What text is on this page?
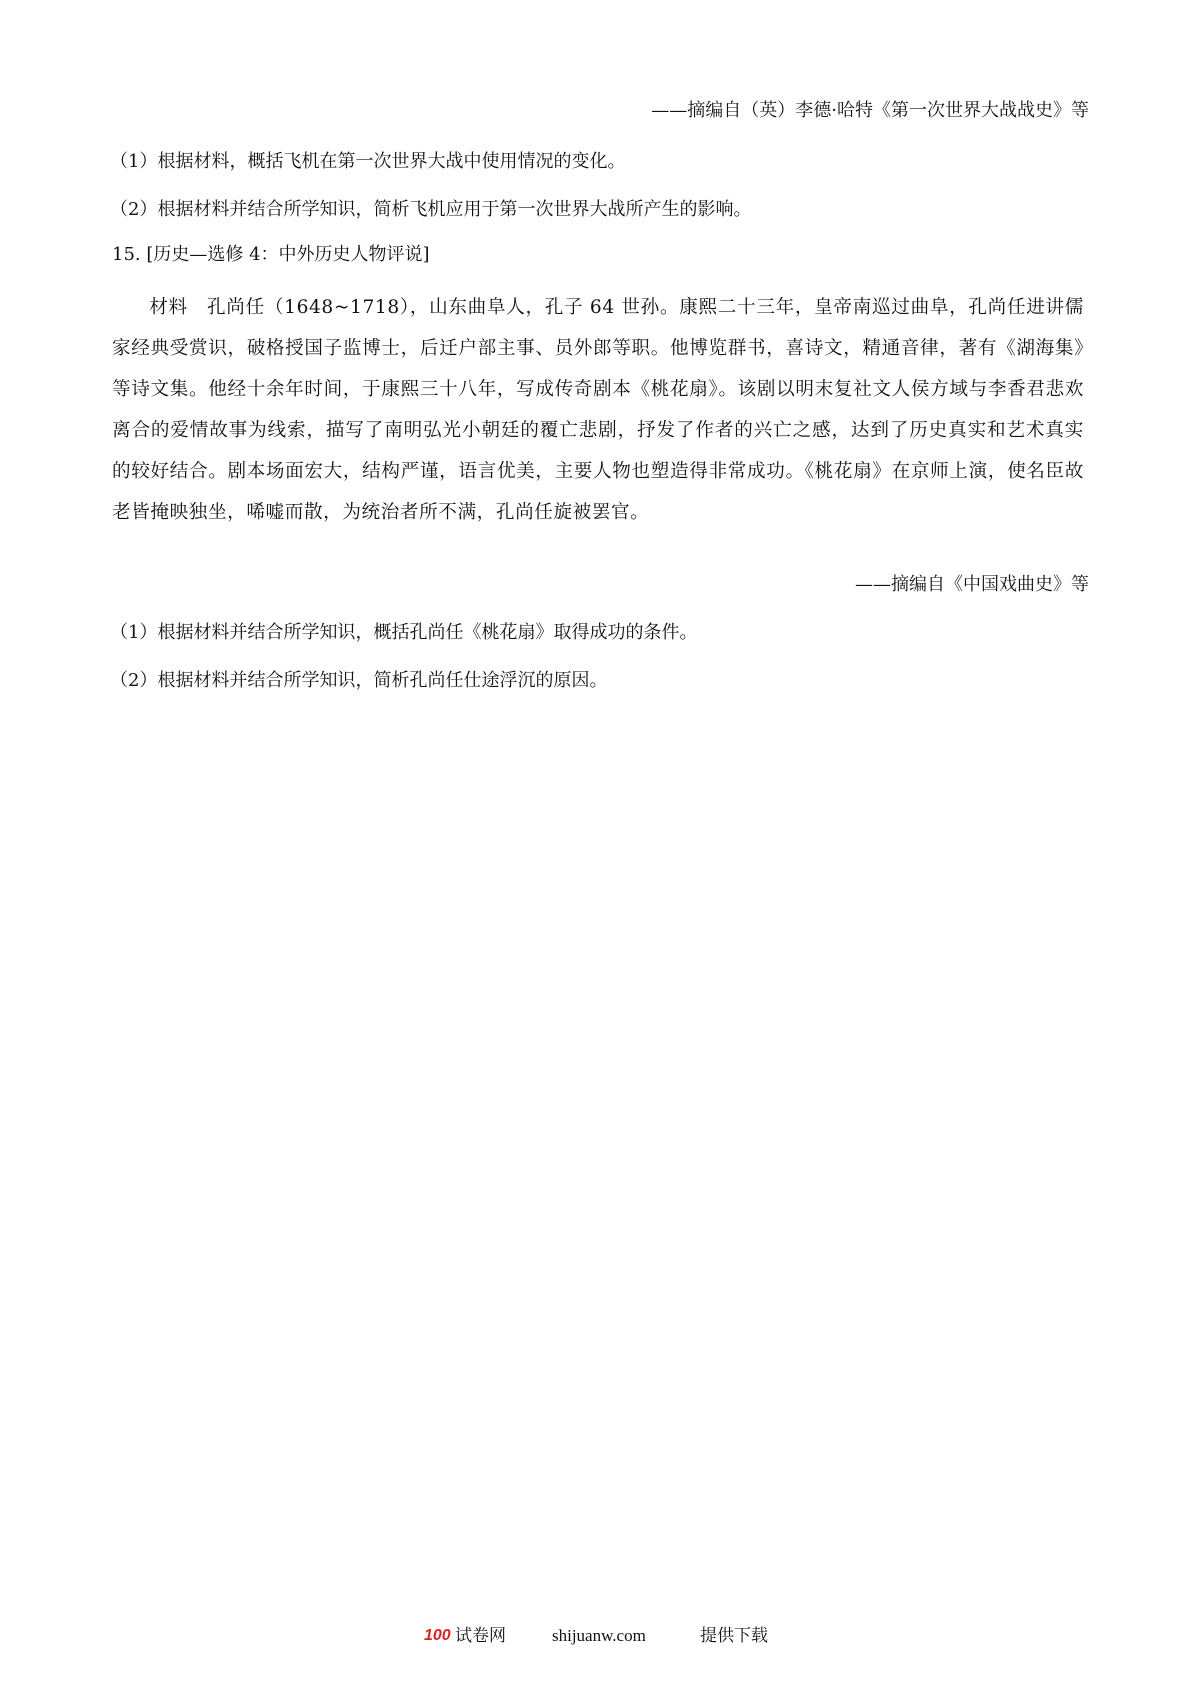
——摘编自（英）李德·哈特《第一次世界大战战史》等
（1）根据材料，概括飞机在第一次世界大战中使用情况的变化。
（2）根据材料并结合所学知识，简析飞机应用于第一次世界大战所产生的影响。
15. [历史—选修 4：中外历史人物评说]
材料　孔尚任（1648~1718），山东曲阜人，孔子 64 世孙。康熙二十三年，皇帝南巡过曲阜，孔尚任进讲儒家经典受赏识，破格授国子监博士，后迁户部主事、员外郎等职。他博览群书，喜诗文，精通音律，著有《湖海集》等诗文集。他经十余年时间，于康熙三十八年，写成传奇剧本《桃花扇》。该剧以明末复社文人侯方域与李香君悲欢离合的爱情故事为线索，描写了南明弘光小朝廷的覆亡悲剧，抒发了作者的兴亡之感，达到了历史真实和艺术真实的较好结合。剧本场面宏大，结构严谨，语言优美，主要人物也塑造得非常成功。《桃花扇》在京师上演，使名臣故老皆掩映独坐，唏嘘而散，为统治者所不满，孔尚任旋被罢官。
——摘编自《中国戏曲史》等
（1）根据材料并结合所学知识，概括孔尚任《桃花扇》取得成功的条件。
（2）根据材料并结合所学知识，简析孔尚任仕途浮沉的原因。
100 试卷网	shijuanw.com	提供下载
